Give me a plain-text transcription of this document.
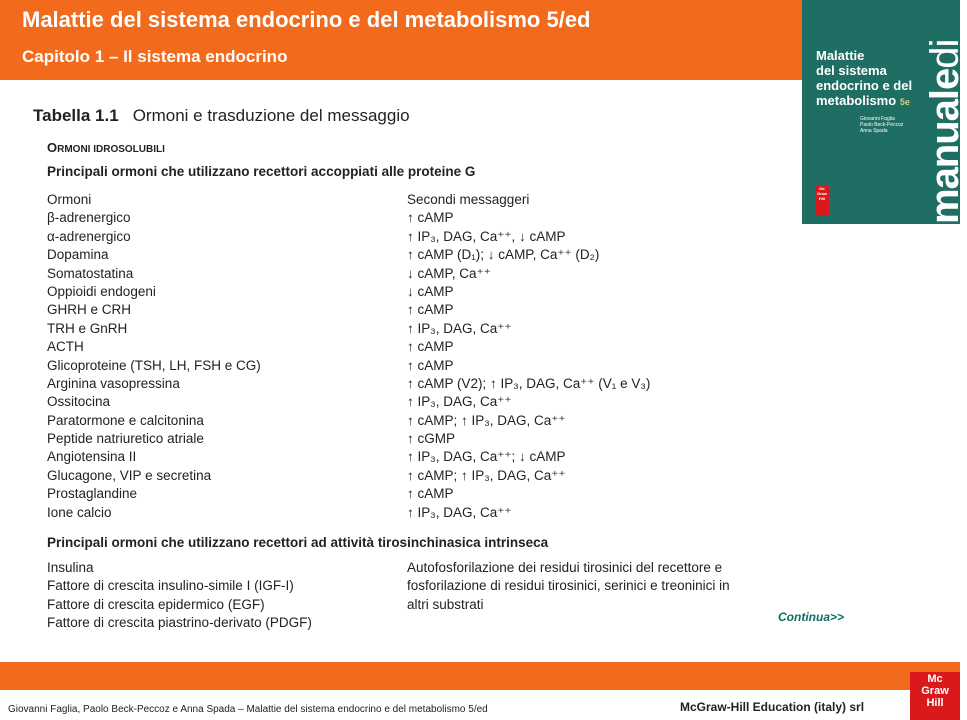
Malattie del sistema endocrino e del metabolismo 5/ed
Capitolo 1 – Il sistema endocrino	Malattie
del sistema
endocrino e del
metabolismo 5e
Giovanni Faglia
Paolo Beck-Peccoz
Anna Spada manualedi
Mc
Graw
Hill
Tabella 1.1 Ormoni e trasduzione del messaggio
ORMONI IDROSOLUBILI
Principali ormoni che utilizzano recettori accoppiati alle proteine G
Ormoni
β-adrenergico
α-adrenergico
Dopamina
Somatostatina
Oppioidi endogeni
GHRH e CRH
TRH e GnRH
ACTH
Glicoproteine (TSH, LH, FSH e CG)
Arginina vasopressina
Ossitocina
Paratormone e calcitonina
Peptide natriuretico atriale
Angiotensina II
Glucagone, VIP e secretina
Prostaglandine
Ione calcio
Secondi messaggeri
↑ cAMP
↑ IP₃, DAG, Ca⁺⁺, ↓ cAMP
↑ cAMP (D₁); ↓ cAMP, Ca⁺⁺ (D₂)
↓ cAMP, Ca⁺⁺
↓ cAMP
↑ cAMP
↑ IP₃, DAG, Ca⁺⁺
↑ cAMP
↑ cAMP
↑ cAMP (V2); ↑ IP₃, DAG, Ca⁺⁺ (V₁ e V₃)
↑ IP₃, DAG, Ca⁺⁺
↑ cAMP; ↑ IP₃, DAG, Ca⁺⁺
↑ cGMP
↑ IP₃, DAG, Ca⁺⁺; ↓ cAMP
↑ cAMP; ↑ IP₃, DAG, Ca⁺⁺
↑ cAMP
↑ IP₃, DAG, Ca⁺⁺
Principali ormoni che utilizzano recettori ad attività tirosinchinasica intrinseca
Insulina
Fattore di crescita insulino-simile I (IGF-I)
Fattore di crescita epidermico (EGF)
Fattore di crescita piastrino-derivato (PDGF)
Autofosforilazione dei residui tirosinici del recettore e
fosforilazione di residui tirosinici, serinici e treoninici in
altri substrati
Continua>>
Mc
Graw
Hill
Giovanni Faglia, Paolo Beck-Peccoz e Anna Spada – Malattie del sistema endocrino e del metabolismo 5/ed	McGraw-Hill Education (italy) srl
